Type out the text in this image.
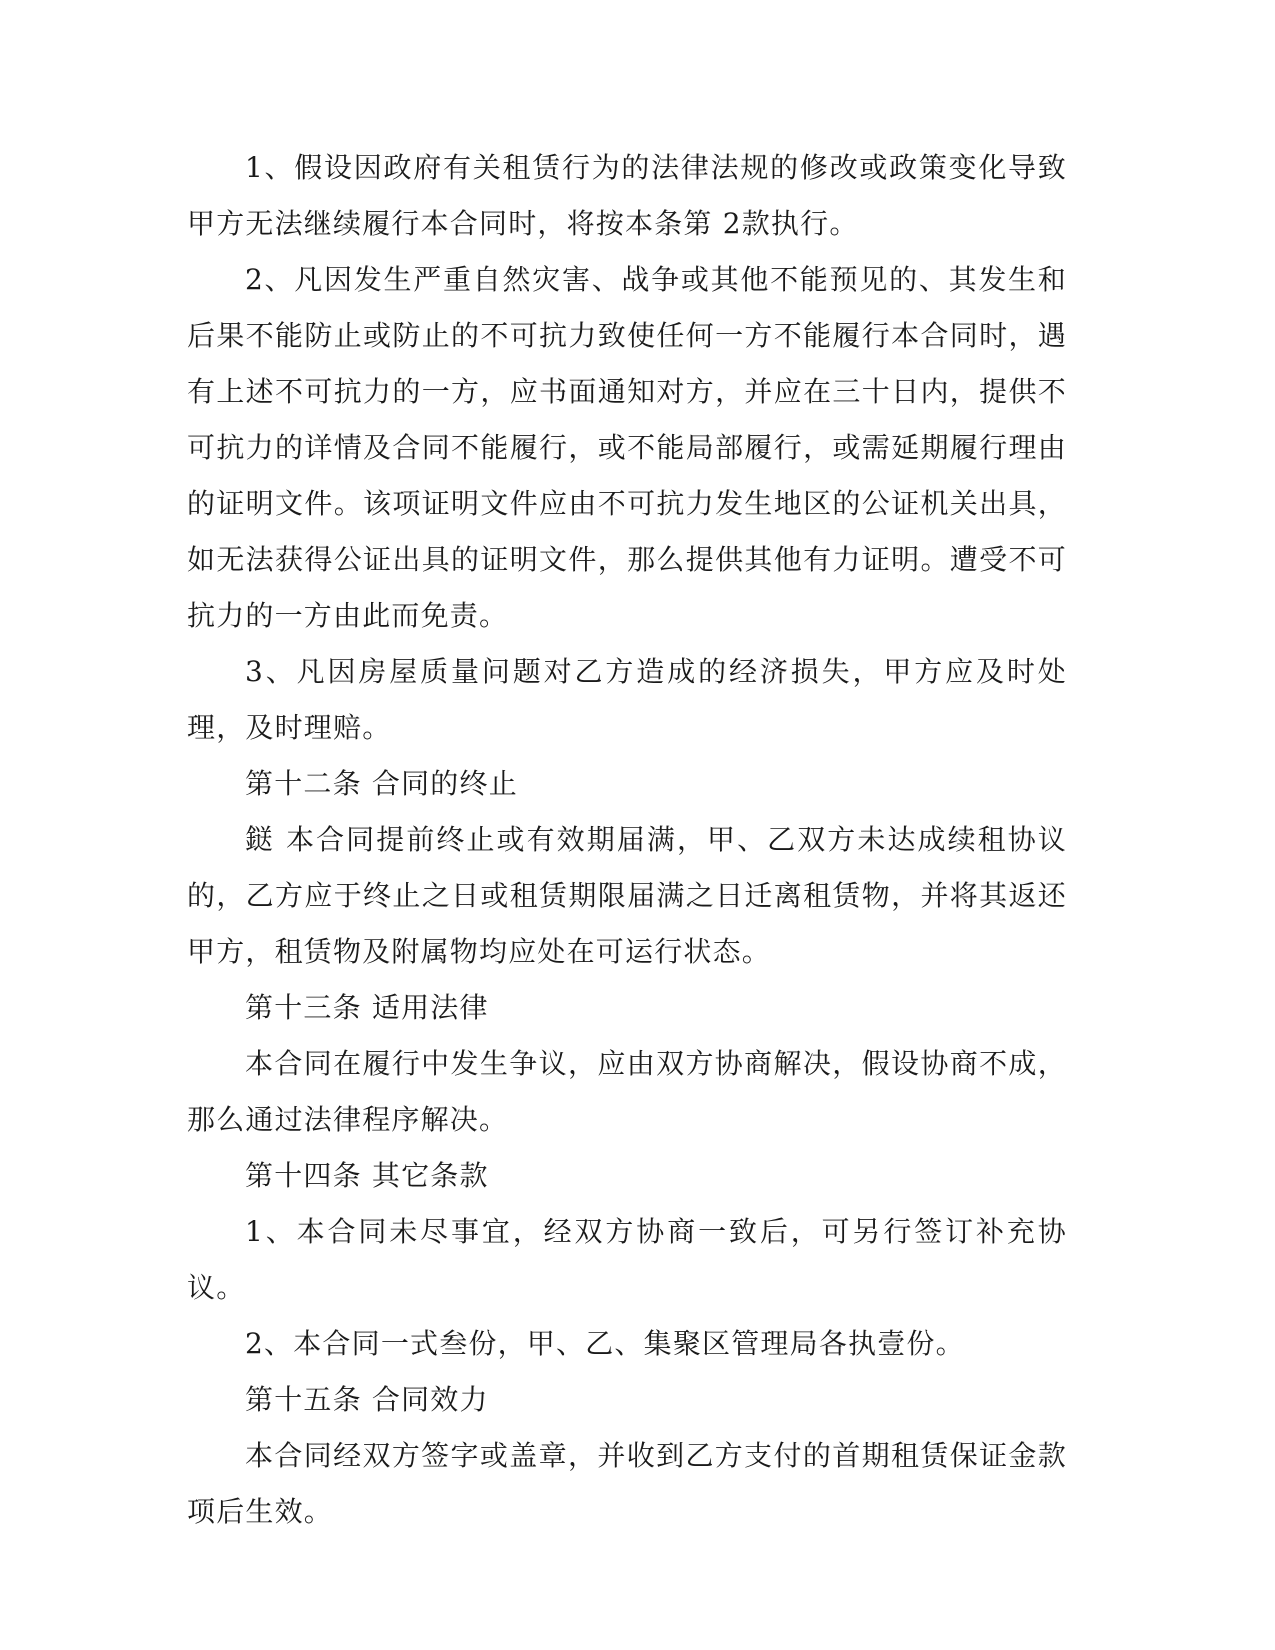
1、假设因政府有关租赁行为的法律法规的修改或政策变化导致甲方无法继续履行本合同时，将按本条第 2款执行。

2、凡因发生严重自然灾害、战争或其他不能预见的、其发生和后果不能防止或防止的不可抗力致使任何一方不能履行本合同时，遇有上述不可抗力的一方，应书面通知对方，并应在三十日内，提供不可抗力的详情及合同不能履行，或不能局部履行，或需延期履行理由的证明文件。该项证明文件应由不可抗力发生地区的公证机关出具，如无法获得公证出具的证明文件，那么提供其他有力证明。遭受不可抗力的一方由此而免责。

3、凡因房屋质量问题对乙方造成的经济损失，甲方应及时处理，及时理赔。

第十二条 合同的终止

鎹 本合同提前终止或有效期届满，甲、乙双方未达成续租协议的，乙方应于终止之日或租赁期限届满之日迁离租赁物，并将其返还甲方，租赁物及附属物均应处在可运行状态。

第十三条 适用法律

本合同在履行中发生争议，应由双方协商解决，假设协商不成，那么通过法律程序解决。

第十四条 其它条款

1、本合同未尽事宜，经双方协商一致后，可另行签订补充协议。

2、本合同一式叁份，甲、乙、集聚区管理局各执壹份。

第十五条 合同效力

本合同经双方签字或盖章，并收到乙方支付的首期租赁保证金款项后生效。
